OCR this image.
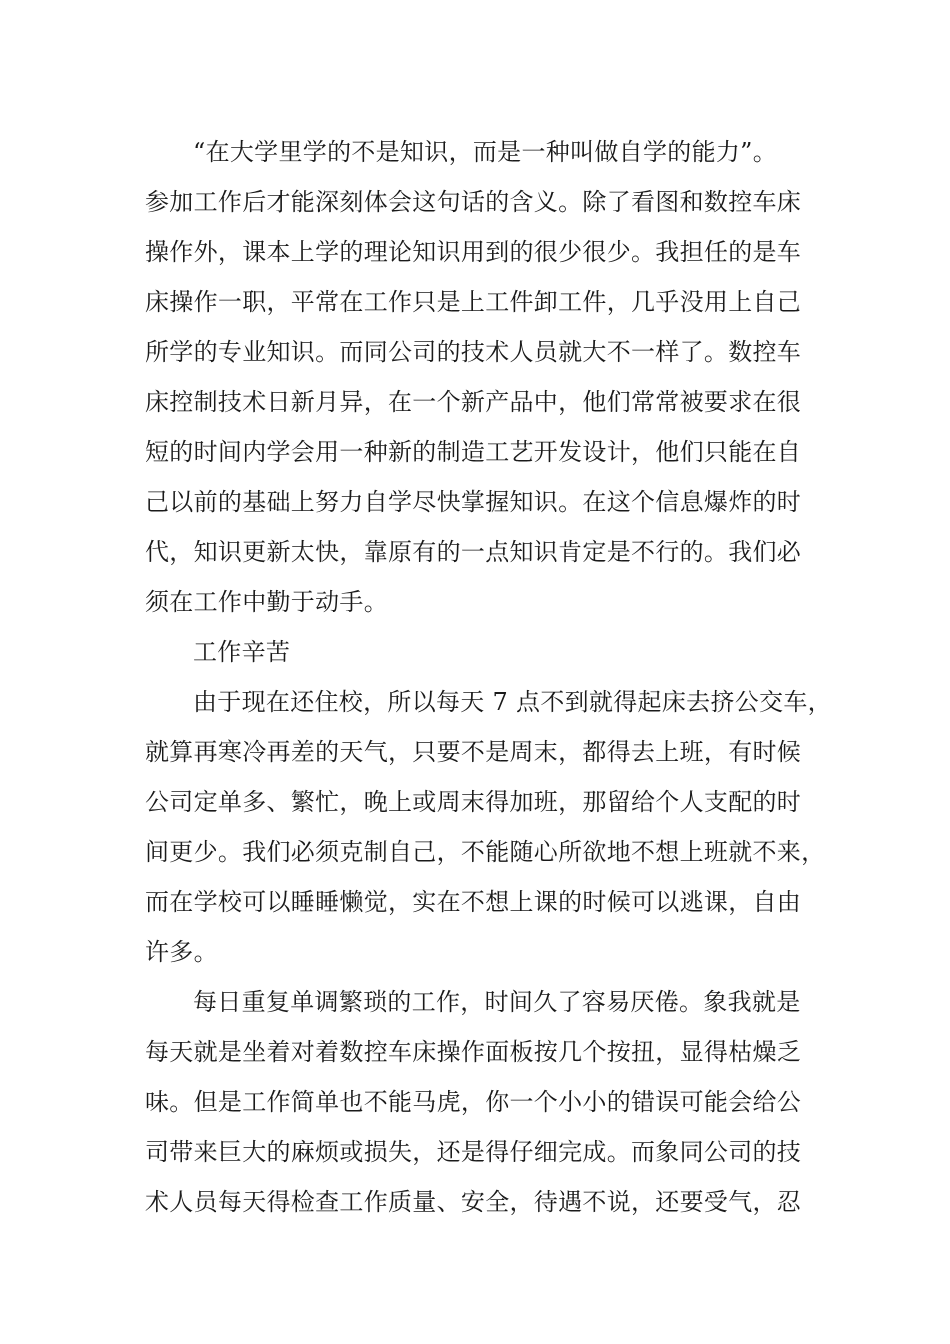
“在大学里学的不是知识，而是一种叫做自学的能力”。
参加工作后才能深刻体会这句话的含义。除了看图和数控车床
操作外，课本上学的理论知识用到的很少很少。我担任的是车
床操作一职，平常在工作只是上工件卸工件，几乎没用上自己
所学的专业知识。而同公司的技术人员就大不一样了。数控车
床控制技术日新月异，在一个新产品中，他们常常被要求在很
短的时间内学会用一种新的制造工艺开发设计，他们只能在自
己以前的基础上努力自学尽快掌握知识。在这个信息爆炸的时
代，知识更新太快，靠原有的一点知识肯定是不行的。我们必
须在工作中勤于动手。
工作辛苦
由于现在还住校，所以每天 7 点不到就得起床去挤公交车，
就算再寒冷再差的天气，只要不是周末，都得去上班，有时候
公司定单多、繁忙，晚上或周末得加班，那留给个人支配的时
间更少。我们必须克制自己，不能随心所欲地不想上班就不来，
而在学校可以睡睡懒觉，实在不想上课的时候可以逃课，自由
许多。
每日重复单调繁琐的工作，时间久了容易厌倦。象我就是
每天就是坐着对着数控车床操作面板按几个按扭，显得枯燥乏
味。但是工作简单也不能马虎，你一个小小的错误可能会给公
司带来巨大的麻烦或损失，还是得仔细完成。而象同公司的技
术人员每天得检查工作质量、安全，待遇不说，还要受气，忍
